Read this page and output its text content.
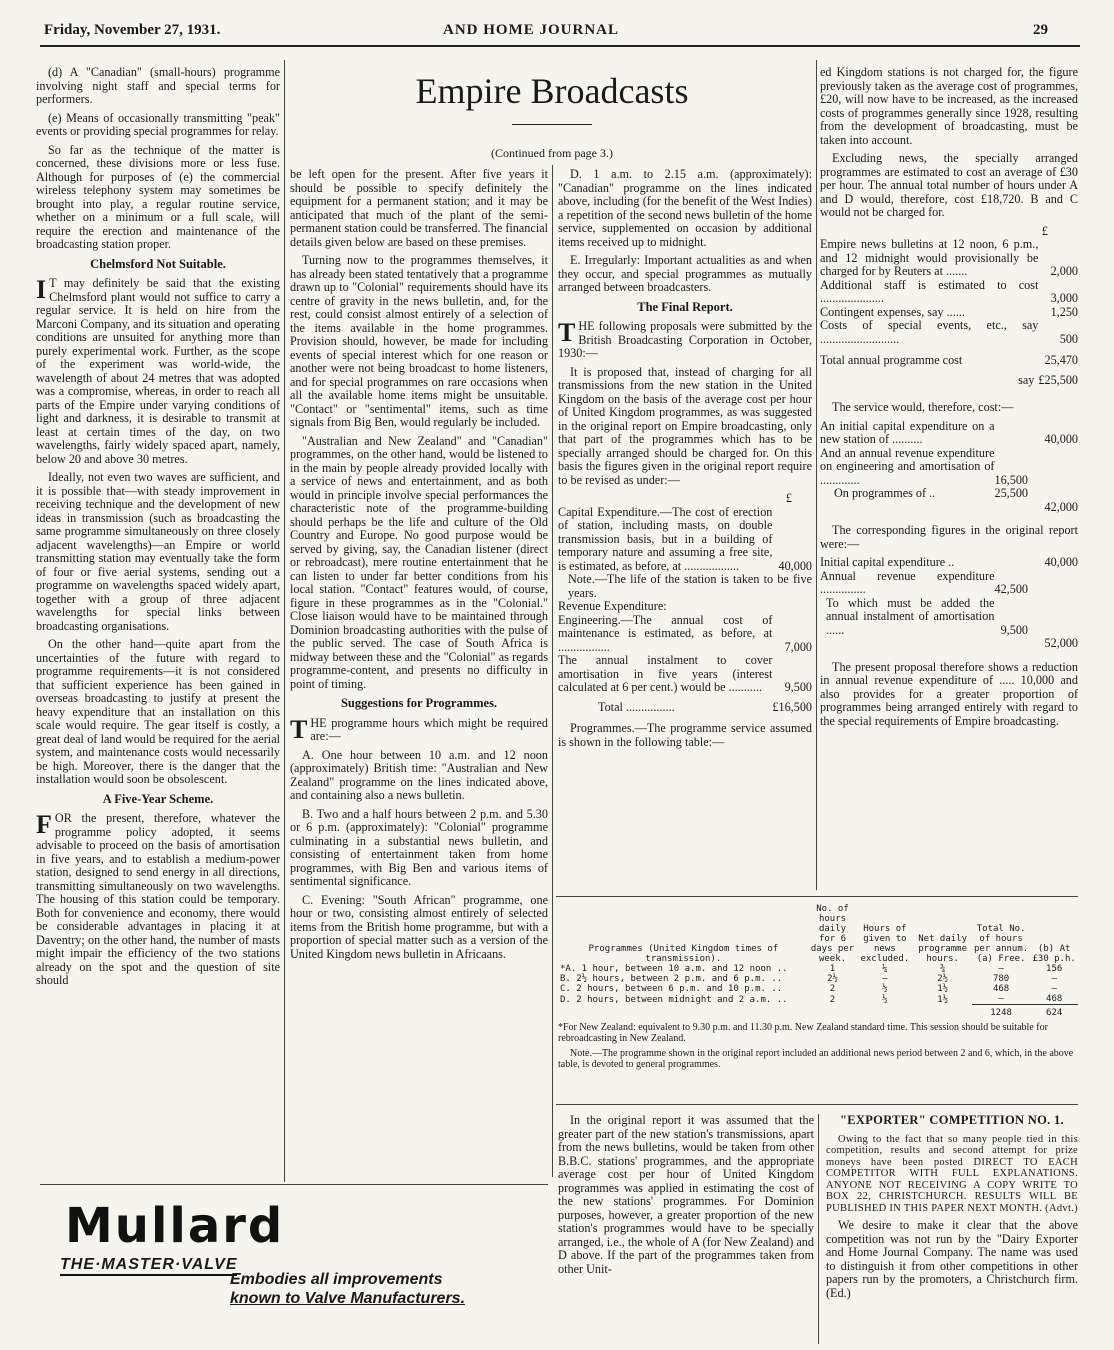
Friday, November 27, 1931.	AND HOME JOURNAL	29
Empire Broadcasts
(Continued from page 3.)

(d) A "Canadian" (small-hours) programme involving night staff and special terms for performers.

(e) Means of occasionally transmitting "peak" events or providing special programmes for relay.

So far as the technique of the matter is concerned, these divisions more or less fuse. Although for purposes of (e) the commercial wireless telephony system may sometimes be brought into play, a regular routine service, whether on a minimum or a full scale, will require the erection and maintenance of the broadcasting station proper.

Chelmsford Not Suitable.

I T may definitely be said that the existing Chelmsford plant would not suffice to carry a regular service. It is held on hire from the Marconi Company, and its situation and operating conditions are unsuited for anything more than purely experimental work. Further, as the scope of the experiment was world-wide, the wavelength of about 24 metres that was adopted was a compromise, whereas, in order to reach all parts of the Empire under varying conditions of light and darkness, it is desirable to transmit at least at certain times of the day, on two wavelengths, fairly widely spaced apart, namely, below 20 and above 30 metres.

Ideally, not even two waves are sufficient, and it is possible that—with steady improvement in receiving technique and the development of new ideas in transmission (such as broadcasting the same programme simultaneously on three closely adjacent wavelengths)—an Empire or world transmitting station may eventually take the form of four or five aerial systems, sending out a programme on wavelengths spaced widely apart, together with a group of three adjacent wavelengths for special links between broadcasting organisations.

On the other hand—quite apart from the uncertainties of the future with regard to programme requirements—it is not considered that sufficient experience has been gained in overseas broadcasting to justify at present the heavy expenditure that an installation on this scale would require. The gear itself is costly, a great deal of land would be required for the aerial system, and maintenance costs would necessarily be high. Moreover, there is the danger that the installation would soon be obsolescent.

A Five-Year Scheme.

FOR the present, therefore, whatever the programme policy adopted, it seems advisable to proceed on the basis of amortisation in five years, and to establish a medium-power station, designed to send energy in all directions, transmitting simultaneously on two wavelengths. The housing of this station could be temporary. Both for convenience and economy, there would be considerable advantages in placing it at Daventry; on the other hand, the number of masts might impair the efficiency of the two stations already on the spot and the question of site should

be left open for the present. After five years it should be possible to specify definitely the equipment for a permanent station; and it may be anticipated that much of the plant of the semi-permanent station could be transferred. The financial details given below are based on these premises.

Turning now to the programmes themselves, it has already been stated tentatively that a programme drawn up to "Colonial" requirements should have its centre of gravity in the news bulletin, and, for the rest, could consist almost entirely of a selection of the items available in the home programmes. Provision should, however, be made for including events of special interest which for one reason or another were not being broadcast to home listeners, and for special programmes on rare occasions when all the available home items might be unsuitable. "Contact" or "sentimental" items, such as time signals from Big Ben, would regularly be included.

"Australian and New Zealand" and "Canadian" programmes, on the other hand, would be listened to in the main by people already provided locally with a service of news and entertainment, and as both would in principle involve special performances the characteristic note of the programme-building should perhaps be the life and culture of the Old Country and Europe. No good purpose would be served by giving, say, the Canadian listener (direct or rebroadcast), mere routine entertainment that he can listen to under far better conditions from his local station. "Contact" features would, of course, figure in these programmes as in the "Colonial." Close liaison would have to be maintained through Dominion broadcasting authorities with the pulse of the public served. The case of South Africa is midway between these and the "Colonial" as regards programme-content, and presents no difficulty in point of timing.

Suggestions for Programmes.

THE programme hours which might be required are:—

A. One hour between 10 a.m. and 12 noon (approximately) British time: "Australian and New Zealand" programme on the lines indicated above, and containing also a news bulletin.

B. Two and a half hours between 2 p.m. and 5.30 or 6 p.m. (approximately): "Colonial" programme culminating in a substantial news bulletin, and consisting of entertainment taken from home programmes, with Big Ben and various items of sentimental significance.

C. Evening: "South African" programme, one hour or two, consisting almost entirely of selected items from the British home programme, but with a proportion of special matter such as a version of the United Kingdom news bulletin in Africaans.

D. 1 a.m. to 2.15 a.m. (approximately): "Canadian" programme on the lines indicated above, including (for the benefit of the West Indies) a repetition of the second news bulletin of the home service, supplemented on occasion by additional items received up to midnight.

E. Irregularly: Important actualities as and when they occur, and special programmes as mutually arranged between broadcasters.

The Final Report.

THE following proposals were submitted by the British Broadcasting Corporation in October, 1930:—

It is proposed that, instead of charging for all transmissions from the new station in the United Kingdom on the basis of the average cost per hour of United Kingdom programmes, as was suggested in the original report on Empire broadcasting, only that part of the programmes which has to be specially arranged should be charged for. On this basis the figures given in the original report require to be revised as under:—

£
Capital Expenditure.—The cost of erection of station, including masts, on double transmission basis, but in a building of temporary nature and assuming a free site, is estimated, as before, at ..................	40,000
Note.—The life of the station is taken to be five years.	
Revenue Expenditure:	
Engineering.—The annual cost of maintenance is estimated, as before, at .................	7,000
The annual instalment to cover amortisation in five years (interest calculated at 6 per cent.) would be ...........	9,500
Total ................	£16,500

Programmes.—The programme service assumed is shown in the following table:—

ed Kingdom stations is not charged for, the figure previously taken as the average cost of programmes, £20, will now have to be increased, as the increased costs of programmes generally since 1928, resulting from the development of broadcasting, must be taken into account.

Excluding news, the specially arranged programmes are estimated to cost an average of £30 per hour. The annual total number of hours under A and D would, therefore, cost £18,720. B and C would not be charged for.

£
Empire news bulletins at 12 noon, 6 p.m., and 12 midnight would provisionally be charged for by Reuters at .......	2,000
Additional staff is estimated to cost .....................	3,000
Contingent expenses, say ......	1,250
Costs of special events, etc., say ..........................	500
Total annual programme cost	25,470
say	£25,500

The service would, therefore, cost:—

An initial capital expenditure on a new station of ..........	40,000
And an annual revenue expenditure on engineering and amortisation of .............	16,500
On programmes of ..	25,500
	42,000

The corresponding figures in the original report were:—

Initial capital expenditure ..	40,000
Annual revenue expenditure ...............	42,500
To which must be added the annual instalment of amortisation ......	9,500
	52,000

The present proposal therefore shows a reduction in annual revenue expenditure of ..... 10,000 and also provides for a greater proportion of programmes being arranged entirely with regard to the special requirements of Empire broadcasting.

Programmes (United Kingdom times of transmission).	No. of hours daily for 6 days per week.	Hours of given to news excluded.	Net daily programme hours.	Total No. of hours per annum. (a) Free.	(b) At £30 p.h.
*A. 1 hour, between 10 a.m. and 12 noon ..	1	¼	¾	—	156
B. 2½ hours, between 2 p.m. and 6 p.m. ..	2½	—	2½	780	—
C. 2 hours, between 6 p.m. and 10 p.m. ..	2	½	1½	468	—
D. 2 hours, between midnight and 2 a.m. ..	2	½	1½	—	468
				1248	624
*For New Zealand: equivalent to 9.30 p.m. and 11.30 p.m. New Zealand standard time. This session should be suitable for rebroadcasting in New Zealand.
Note.—The programme shown in the original report included an additional news period between 2 and 6, which, in the above table, is devoted to general programmes.

In the original report it was assumed that the greater part of the new station's transmissions, apart from the news bulletins, would be taken from other B.B.C. stations' programmes, and the appropriate average cost per hour of United Kingdom programmes was applied in estimating the cost of the new stations' programmes. For Dominion purposes, however, a greater proportion of the new station's programmes would have to be specially arranged, i.e., the whole of A (for New Zealand) and D above. If the part of the programmes taken from other Unit-

"EXPORTER" COMPETITION NO. 1.

Owing to the fact that so many people tied in this competition, results and second attempt for prize moneys have been posted DIRECT TO EACH COMPETITOR WITH FULL EXPLANATIONS. ANYONE NOT RECEIVING A COPY WRITE TO BOX 22, CHRISTCHURCH. RESULTS WILL BE PUBLISHED IN THIS PAPER NEXT MONTH. (Advt.)

We desire to make it clear that the above competition was not run by the "Dairy Exporter and Home Journal Company. The name was used to distinguish it from other competitions in other papers run by the promoters, a Christchurch firm. (Ed.)

Mullard
THE·MASTER·VALVE
Embodies all improvements
known to Valve Manufacturers.
